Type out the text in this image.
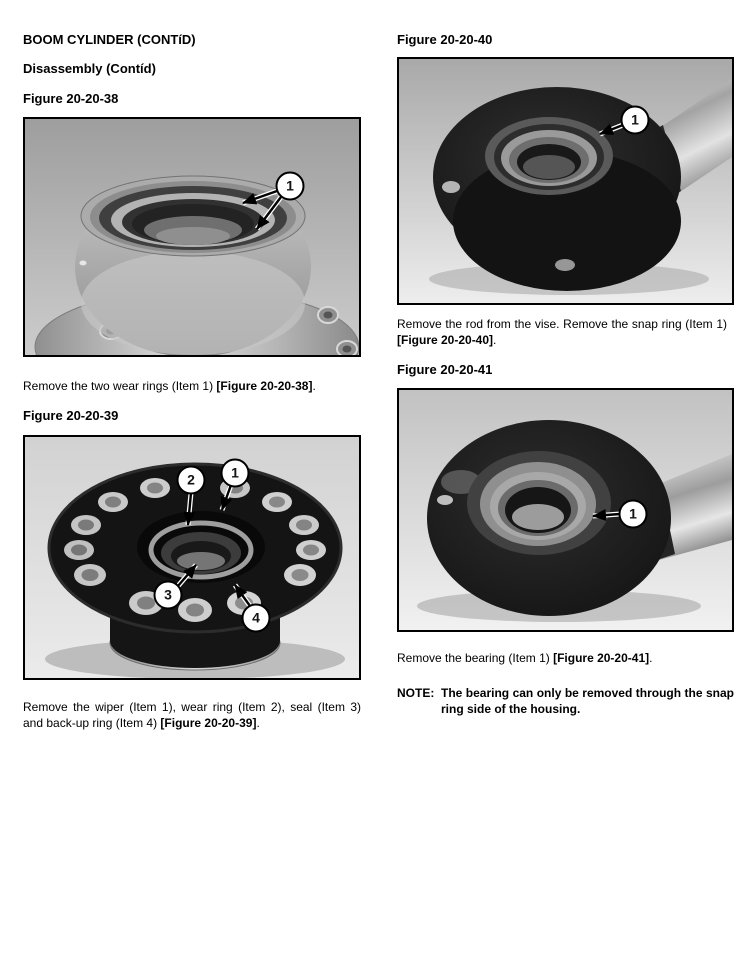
BOOM CYLINDER (CONTíD)

Disassembly (Contíd)

Figure 20-20-38

1

Remove the two wear rings (Item 1) [Figure 20-20-38].

Figure 20-20-39

2	1
3
4

Remove the wiper (Item 1), wear ring (Item 2), seal (Item 3) and back-up ring (Item 4) [Figure 20-20-39].

Figure 20-20-40

1

Remove the rod from the vise. Remove the snap ring (Item 1) [Figure 20-20-40].

Figure 20-20-41

1

Remove the bearing (Item 1) [Figure 20-20-41].

NOTE: The bearing can only be removed through the snap ring side of the housing.
